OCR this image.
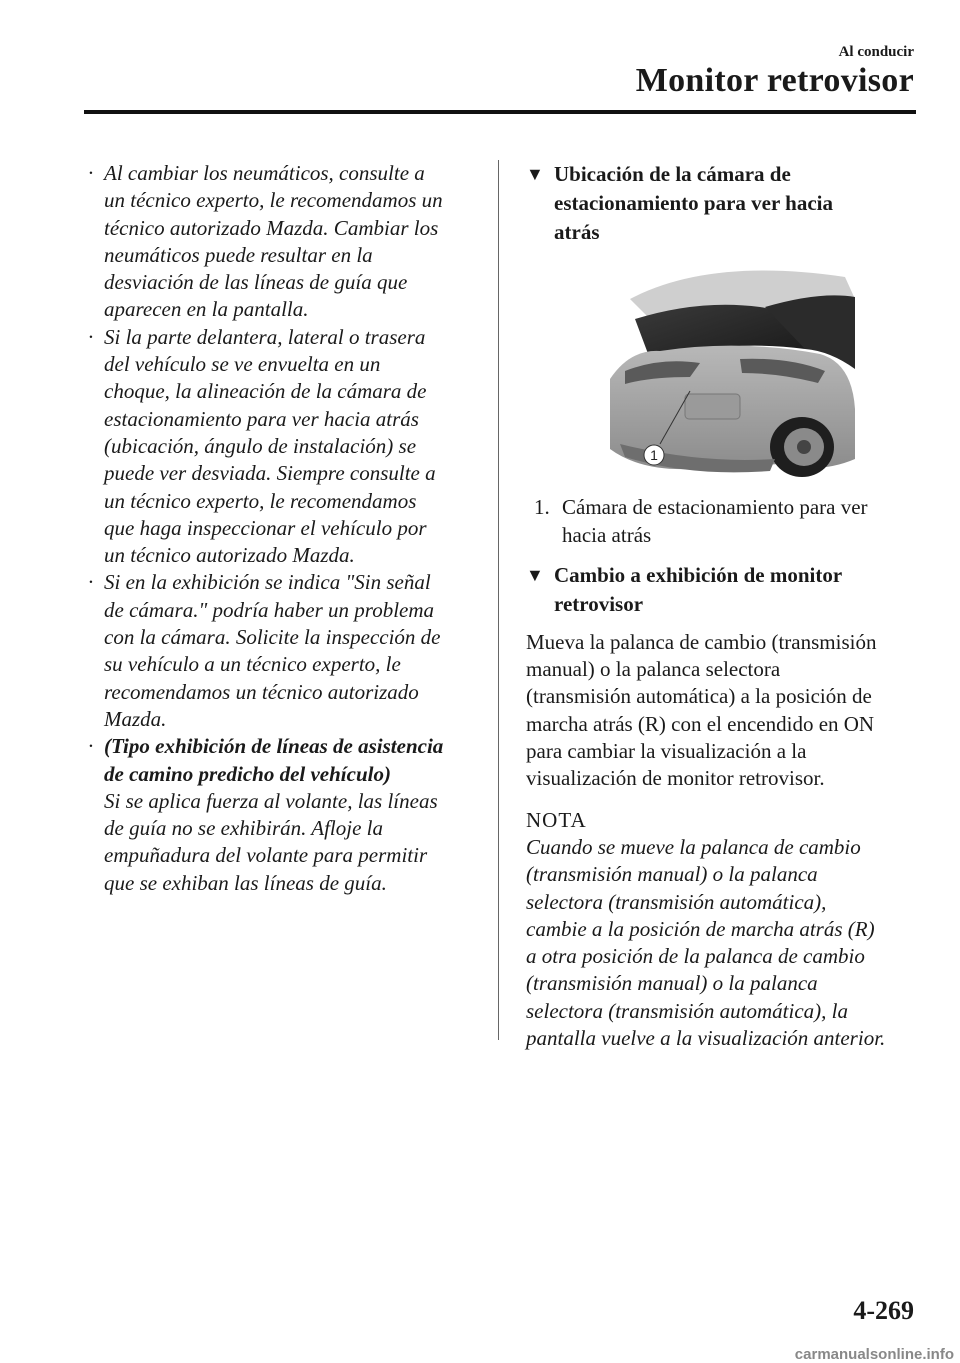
Al conducir
Monitor retrovisor
· Al cambiar los neumáticos, consulte a
un técnico experto, le recomendamos un
técnico autorizado Mazda. Cambiar los
neumáticos puede resultar en la
desviación de las líneas de guía que
aparecen en la pantalla.
· Si la parte delantera, lateral o trasera
del vehículo se ve envuelta en un
choque, la alineación de la cámara de
estacionamiento para ver hacia atrás
(ubicación, ángulo de instalación) se
puede ver desviada. Siempre consulte a
un técnico experto, le recomendamos
que haga inspeccionar el vehículo por
un técnico autorizado Mazda.
· Si en la exhibición se indica "Sin señal
de cámara." podría haber un problema
con la cámara. Solicite la inspección de
su vehículo a un técnico experto, le
recomendamos un técnico autorizado
Mazda.
· (Tipo exhibición de líneas de asistencia
de camino predicho del vehículo)
Si se aplica fuerza al volante, las líneas
de guía no se exhibirán. Afloje la
empuñadura del volante para permitir
que se exhiban las líneas de guía.
▼ Ubicación de la cámara de
estacionamiento para ver hacia
atrás
1
1. Cámara de estacionamiento para ver
hacia atrás
▼ Cambio a exhibición de monitor
retrovisor
Mueva la palanca de cambio (transmisión
manual) o la palanca selectora
(transmisión automática) a la posición de
marcha atrás (R) con el encendido en ON
para cambiar la visualización a la
visualización de monitor retrovisor.
NOTA
Cuando se mueve la palanca de cambio
(transmisión manual) o la palanca
selectora (transmisión automática),
cambie a la posición de marcha atrás (R)
a otra posición de la palanca de cambio
(transmisión manual) o la palanca
selectora (transmisión automática), la
pantalla vuelve a la visualización anterior.
4-269
carmanualsonline.info
